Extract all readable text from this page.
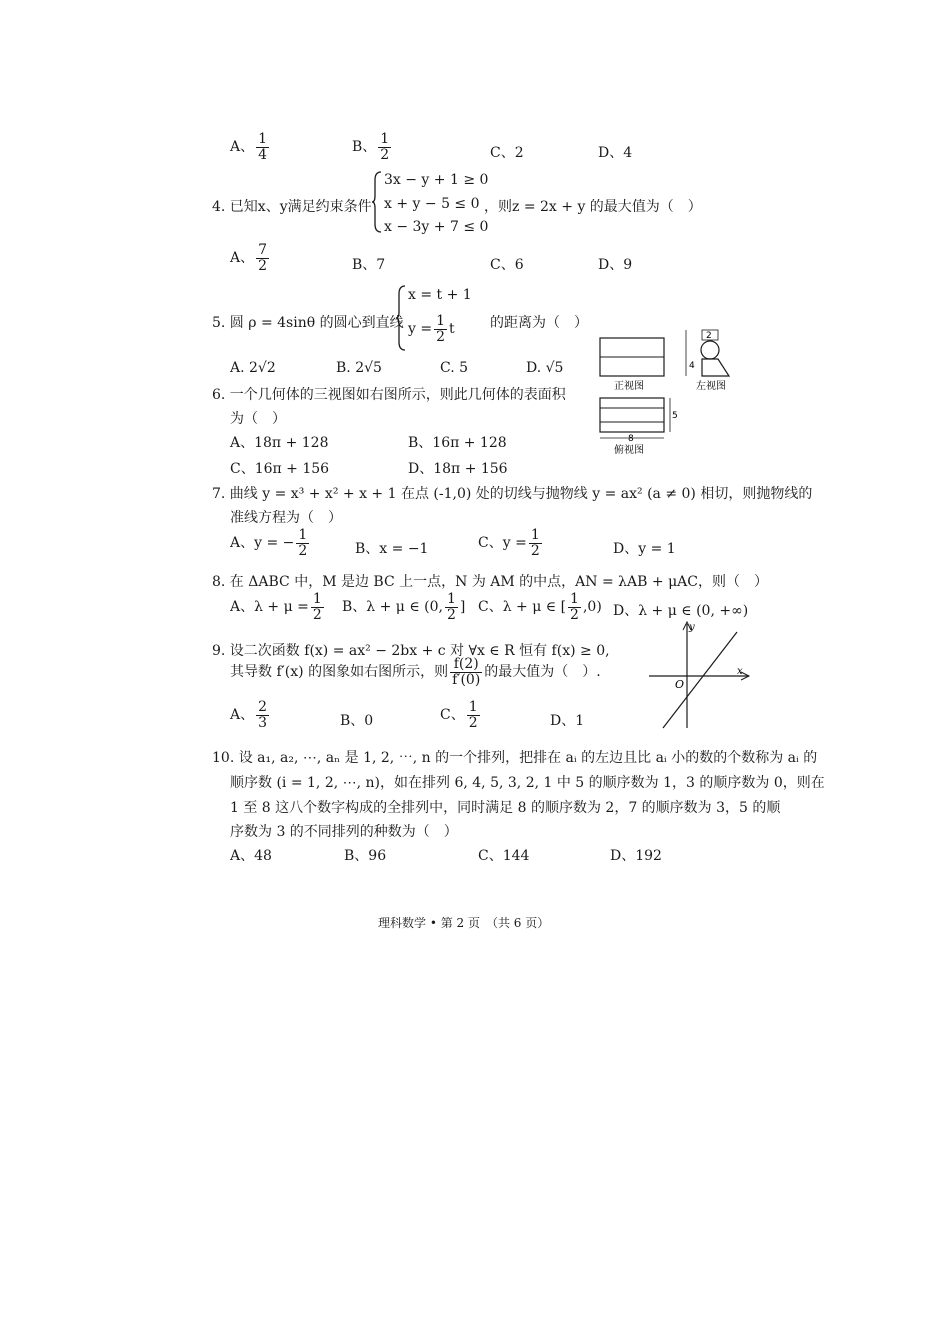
A、 $\frac{1}{4}$	B、 $\frac{1}{2}$	C、2	D、4
4. 已知x、y满足约束条件
3x − y + 1 ≥ 0
x + y − 5 ≤ 0
x − 3y + 7 ≤ 0
，则z = 2x + y 的最大值为（　）
A、 $\frac{7}{2}$	B、7	C、6	D、9
5. 圆 ρ = 4sinθ 的圆心到直线
x = t + 1
$y = \frac{1}{2}$ t	的距离为（　）
A. 2√2	B. 2√5	C. 5	D. √5
6. 一个几何体的三视图如右图所示，则此几何体的表面积
为（　）
A、18π + 128	B、16π + 128
C、16π + 156	D、18π + 156
正视图
4
2
左视图
5
8
俯视图
7. 曲线 y = x³ + x² + x + 1 在点 (-1,0) 处的切线与抛物线 y = ax² (a ≠ 0) 相切，则抛物线的
准线方程为（　）
A、y = − $\frac{1}{2}$	B、x = −1	C、$y = \frac{1}{2}$	D、y = 1
8. 在 ΔABC 中，M 是边 BC 上一点，N 为 AM 的中点，AN = λAB + μAC，则（　）
A、$\lambda + \mu = \frac{1}{2}$ B、λ + μ ∈ (0, $\frac{1}{2}$ ] C、λ + μ ∈ [ $\frac{1}{2} ,0$) D、λ + μ ∈ (0, +∞)
9. 设二次函数 f(x) = ax² − 2bx + c 对 ∀x ∈ R 恒有 f(x) ≥ 0,
其导数 f′(x) 的图象如右图所示，则 $\frac{f(2)}{f'(0)}$ 的最大值为（　）.
A、 $\frac{2}{3}$	B、0	C、 $\frac{1}{2}$	D、1
y
x
O
10. 设 a₁, a₂, ⋯, aₙ 是 1, 2, ⋯, n 的一个排列，把排在 aᵢ 的左边且比 aᵢ 小的数的个数称为 aᵢ 的
顺序数 (i = 1, 2, ⋯, n)，如在排列 6, 4, 5, 3, 2, 1 中 5 的顺序数为 1，3 的顺序数为 0，则在
1 至 8 这八个数字构成的全排列中，同时满足 8 的顺序数为 2，7 的顺序数为 3，5 的顺
序数为 3 的不同排列的种数为（　）
A、48	B、96	C、144	D、192
理科数学 • 第 2 页　（共 6 页）
